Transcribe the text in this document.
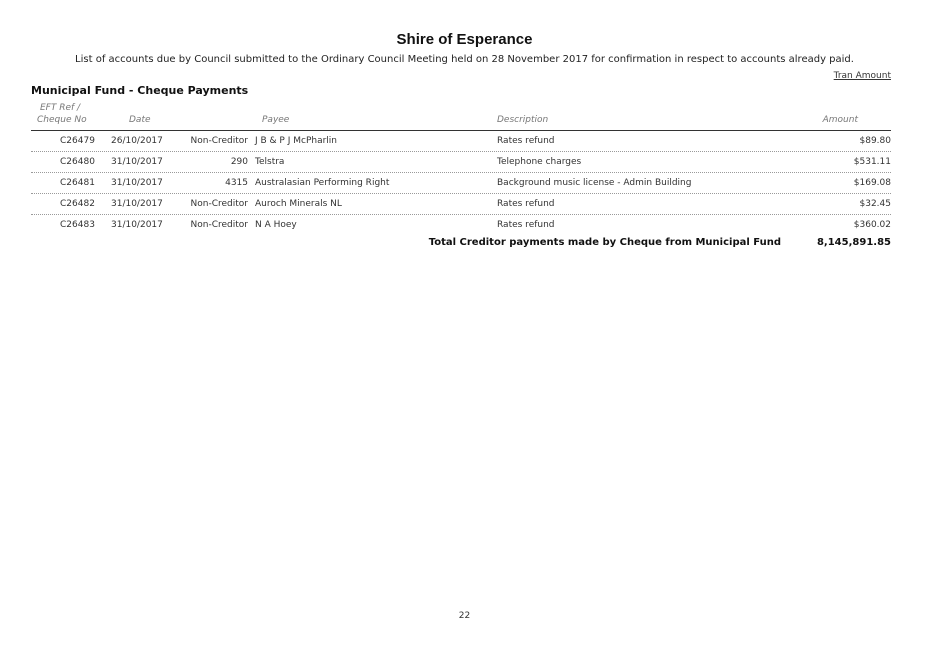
Shire of Esperance
List of accounts due by Council submitted to the Ordinary Council Meeting held on 28 November 2017 for confirmation in respect to accounts already paid.
Tran Amount
Municipal Fund - Cheque Payments
EFT Ref /
Cheque No	Date	Payee	Description	Amount
C26479 26/10/2017	Non-Creditor J B & P J McPharlin	Rates refund	$89.80
C26480 31/10/2017	290 Telstra	Telephone charges	$531.11
C26481 31/10/2017	4315 Australasian Performing Right	Background music license - Admin Building	$169.08
C26482 31/10/2017	Non-Creditor Auroch Minerals NL	Rates refund	$32.45
C26483 31/10/2017	Non-Creditor N A Hoey	Rates refund	$360.02
Total Creditor payments made by Cheque from Municipal Fund	8,145,891.85
22
